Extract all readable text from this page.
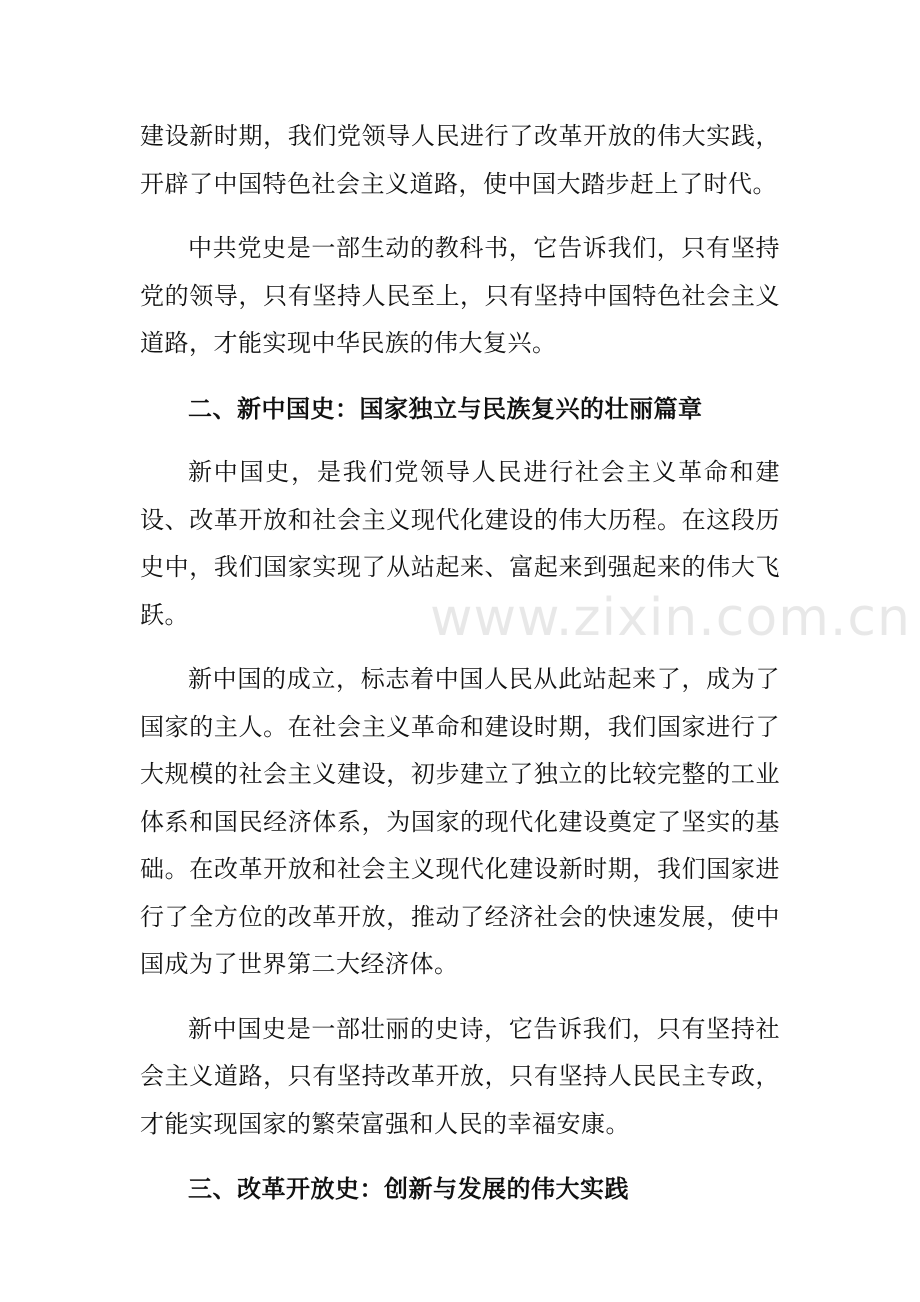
www.zixin.com.cn

建设新时期，我们党领导人民进行了改革开放的伟大实践，开辟了中国特色社会主义道路，使中国大踏步赶上了时代。

中共党史是一部生动的教科书，它告诉我们，只有坚持党的领导，只有坚持人民至上，只有坚持中国特色社会主义道路，才能实现中华民族的伟大复兴。

二、新中国史：国家独立与民族复兴的壮丽篇章

新中国史，是我们党领导人民进行社会主义革命和建设、改革开放和社会主义现代化建设的伟大历程。在这段历史中，我们国家实现了从站起来、富起来到强起来的伟大飞跃。

新中国的成立，标志着中国人民从此站起来了，成为了国家的主人。在社会主义革命和建设时期，我们国家进行了大规模的社会主义建设，初步建立了独立的比较完整的工业体系和国民经济体系，为国家的现代化建设奠定了坚实的基础。在改革开放和社会主义现代化建设新时期，我们国家进行了全方位的改革开放，推动了经济社会的快速发展，使中国成为了世界第二大经济体。

新中国史是一部壮丽的史诗，它告诉我们，只有坚持社会主义道路，只有坚持改革开放，只有坚持人民民主专政，才能实现国家的繁荣富强和人民的幸福安康。

三、改革开放史：创新与发展的伟大实践
